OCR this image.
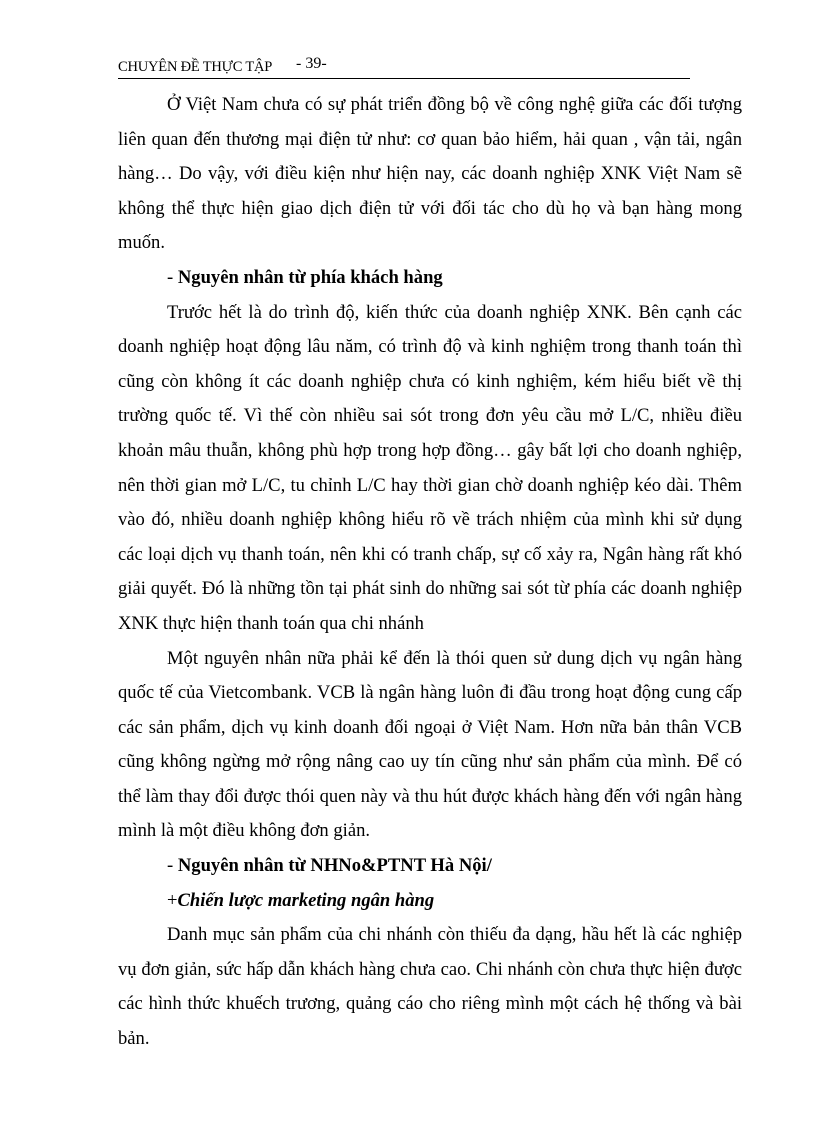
CHUYÊN ĐỀ THỰC TẬP - 39-

Ở Việt Nam chưa có sự phát triển đồng bộ về công nghệ giữa các đối tượng liên quan đến thương mại điện tử như: cơ quan bảo hiểm, hải quan , vận tải, ngân hàng… Do vậy, với điều kiện như hiện nay, các doanh nghiệp XNK Việt Nam sẽ không thể thực hiện giao dịch điện tử với đối tác cho dù họ và bạn hàng mong muốn.

- Nguyên nhân từ phía khách hàng

Trước hết là do trình độ, kiến thức của doanh nghiệp XNK. Bên cạnh các doanh nghiệp hoạt động lâu năm, có trình độ và kinh nghiệm trong thanh toán thì cũng còn không ít các doanh nghiệp chưa có kinh nghiệm, kém hiểu biết về thị trường quốc tế. Vì thế còn nhiều sai sót trong đơn yêu cầu mở L/C, nhiều điều khoản mâu thuẫn, không phù hợp trong hợp đồng… gây bất lợi cho doanh nghiệp, nên thời gian mở L/C, tu chỉnh L/C hay thời gian chờ doanh nghiệp kéo dài. Thêm vào đó, nhiều doanh nghiệp không hiểu rõ về trách nhiệm của mình khi sử dụng các loại dịch vụ thanh toán, nên khi có tranh chấp, sự cố xảy ra, Ngân hàng rất khó giải quyết. Đó là những tồn tại phát sinh do những sai sót từ phía các doanh nghiệp XNK thực hiện thanh toán qua chi nhánh

Một nguyên nhân nữa phải kể đến là thói quen sử dung dịch vụ ngân hàng quốc tế của Vietcombank. VCB là ngân hàng luôn đi đầu trong hoạt động cung cấp các sản phẩm, dịch vụ kinh doanh đối ngoại ở Việt Nam. Hơn nữa bản thân VCB cũng không ngừng mở rộng nâng cao uy tín cũng như sản phẩm của mình. Để có thể làm thay đổi được thói quen này và thu hút được khách hàng đến với ngân hàng mình là một điều không đơn giản.

- Nguyên nhân từ NHNo&PTNT Hà Nội/

+Chiến lược marketing ngân hàng

Danh mục sản phẩm của chi nhánh còn thiếu đa dạng, hầu hết là các nghiệp vụ đơn giản, sức hấp dẫn khách hàng chưa cao. Chi nhánh còn chưa thực hiện được các hình thức khuếch trương, quảng cáo cho riêng mình một cách hệ thống và bài bản.
